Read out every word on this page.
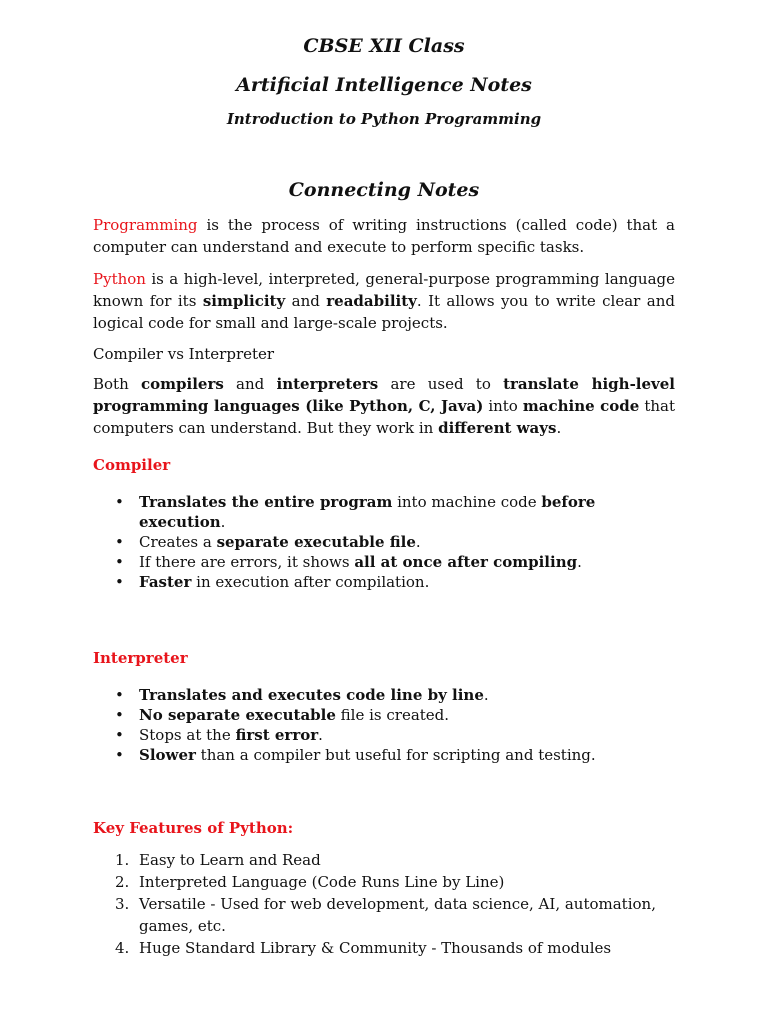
CBSE XII Class

Artificial Intelligence Notes

Introduction to Python Programming

Connecting Notes

Programming is the process of writing instructions (called code) that a computer can understand and execute to perform specific tasks.

Python is a high-level, interpreted, general-purpose programming language known for its simplicity and readability. It allows you to write clear and logical code for small and large-scale projects.

Compiler vs Interpreter

Both compilers and interpreters are used to translate high-level programming languages (like Python, C, Java) into machine code that computers can understand. But they work in different ways.

Compiler

• Translates the entire program into machine code before execution.
• Creates a separate executable file.
• If there are errors, it shows all at once after compiling.
• Faster in execution after compilation.

Interpreter

• Translates and executes code line by line.
• No separate executable file is created.
• Stops at the first error.
• Slower than a compiler but useful for scripting and testing.

Key Features of Python:

1. Easy to Learn and Read
2. Interpreted Language (Code Runs Line by Line)
3. Versatile - Used for web development, data science, AI, automation, games, etc.
4. Huge Standard Library & Community - Thousands of modules
